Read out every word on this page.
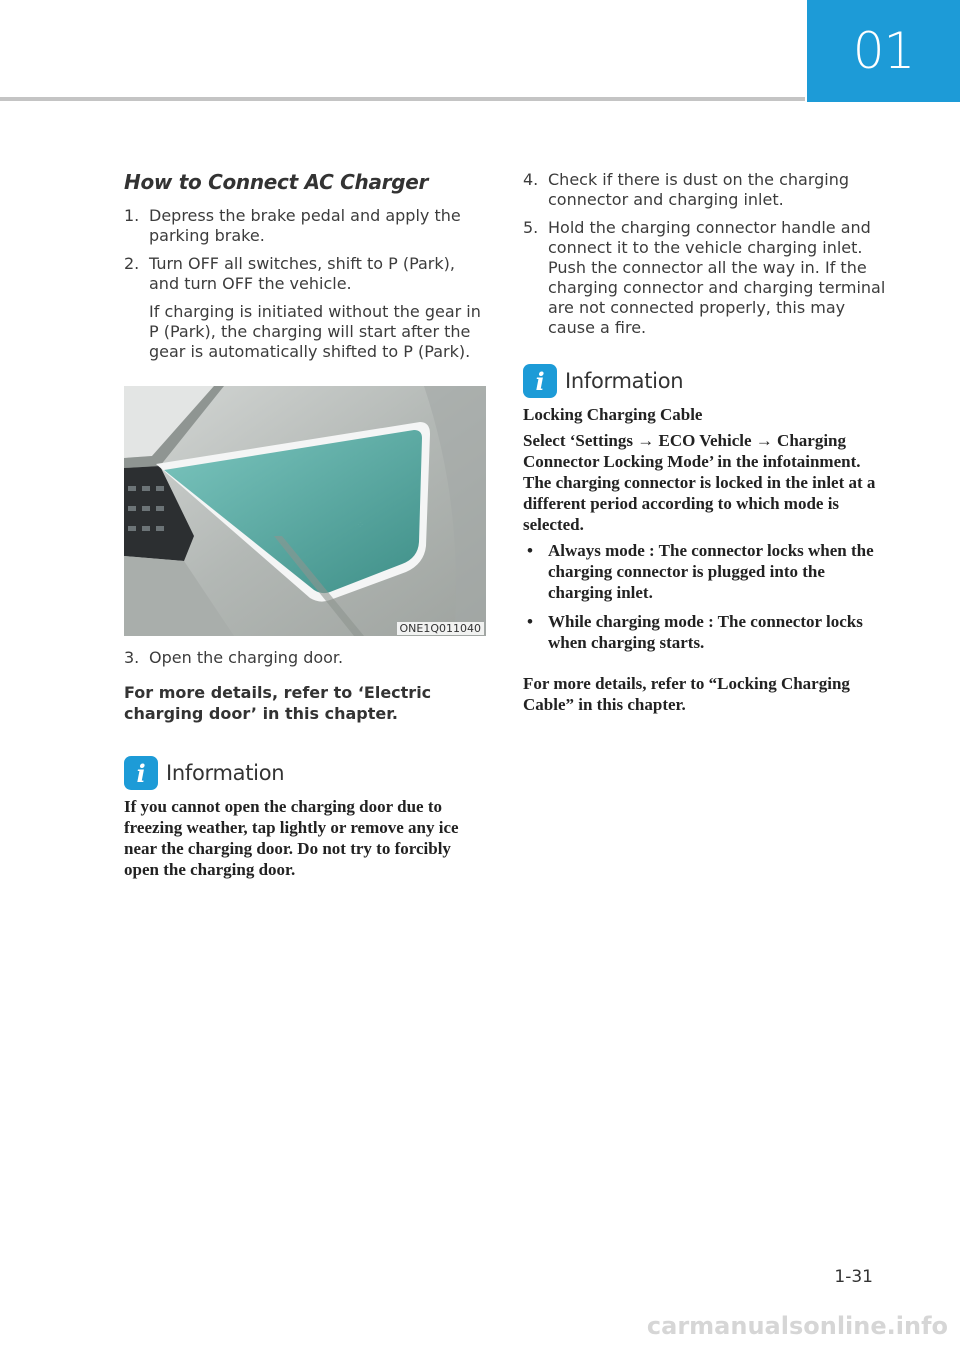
01
How to Connect AC Charger
1. Depress the brake pedal and apply the parking brake.
2. Turn OFF all switches, shift to P (Park), and turn OFF the vehicle.
If charging is initiated without the gear in P (Park), the charging will start after the gear is automatically shifted to P (Park).
⁘
ONE1Q011040
3. Open the charging door.
For more details, refer to ‘Electric charging door’ in this chapter.
i Information
If you cannot open the charging door due to freezing weather, tap lightly or remove any ice near the charging door. Do not try to forcibly open the charging door.
4. Check if there is dust on the charging connector and charging inlet.
5. Hold the charging connector handle and connect it to the vehicle charging inlet. Push the connector all the way in. If the charging connector and charging terminal are not connected properly, this may cause a fire.
i Information

Locking Charging Cable

Select ‘Settings → ECO Vehicle → Charging Connector Locking Mode’ in the infotainment. The charging connector is locked in the inlet at a different period according to which mode is selected.

• Always mode : The connector locks when the charging connector is plugged into the charging inlet.
• While charging mode : The connector locks when charging starts.

For more details, refer to “Locking Charging Cable” in this chapter.

1-31
carmanualsonline.info
